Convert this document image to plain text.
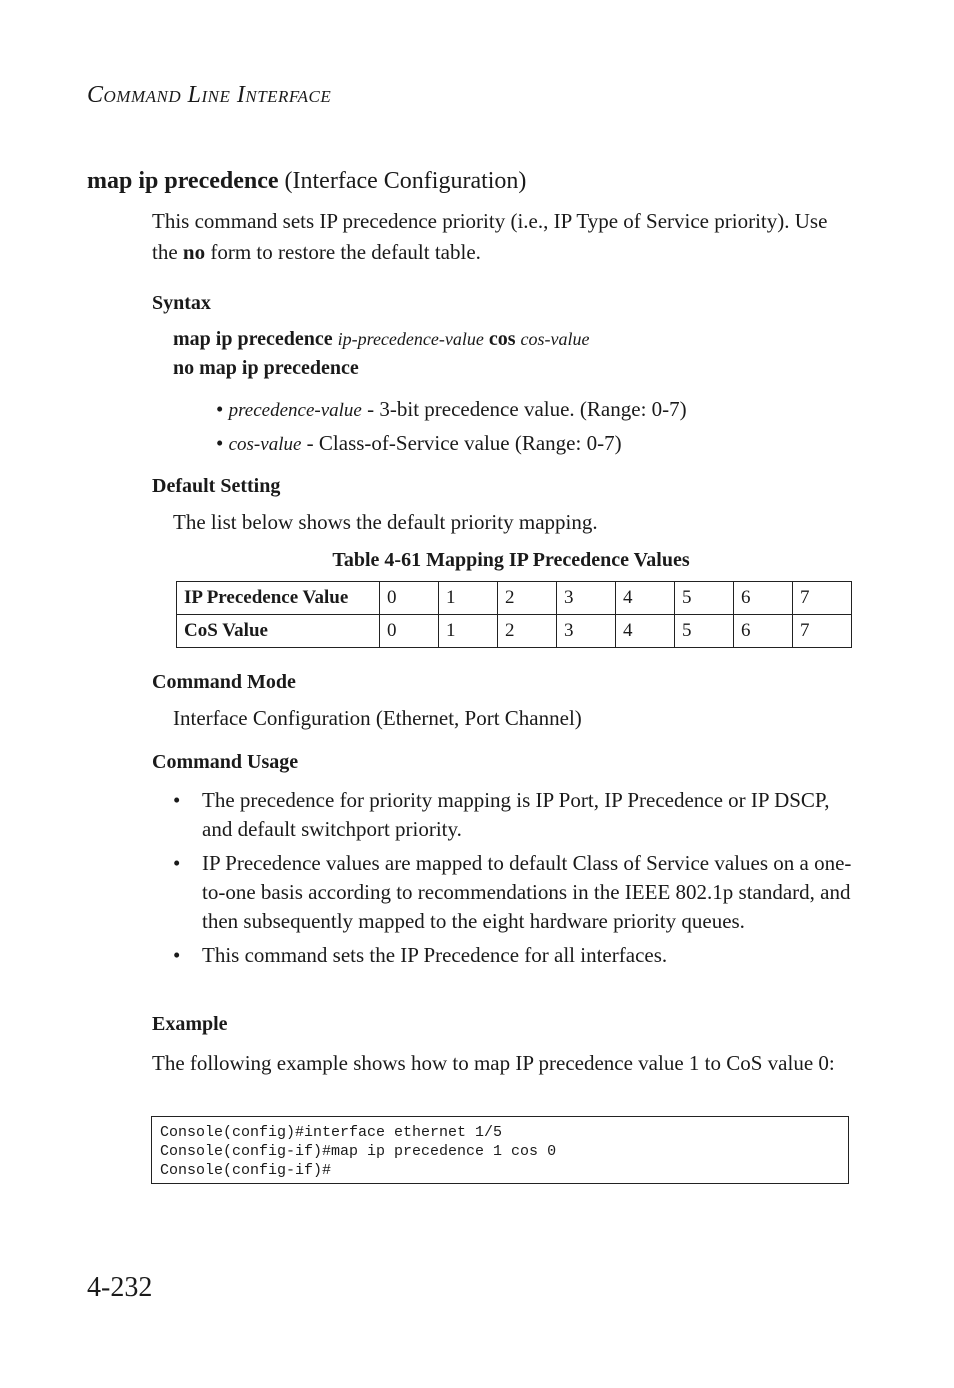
COMMAND LINE INTERFACE
map ip precedence (Interface Configuration)
This command sets IP precedence priority (i.e., IP Type of Service priority). Use the no form to restore the default table.
Syntax
map ip precedence ip-precedence-value cos cos-value
no map ip precedence
• precedence-value - 3-bit precedence value. (Range: 0-7)
• cos-value - Class-of-Service value (Range: 0-7)
Default Setting
The list below shows the default priority mapping.
Table 4-61 Mapping IP Precedence Values
IP Precedence Value	0	1	2	3	4	5	6	7
CoS Value	0	1	2	3	4	5	6	7
Command Mode
Interface Configuration (Ethernet, Port Channel)
Command Usage
• The precedence for priority mapping is IP Port, IP Precedence or IP DSCP, and default switchport priority.
• IP Precedence values are mapped to default Class of Service values on a one-to-one basis according to recommendations in the IEEE 802.1p standard, and then subsequently mapped to the eight hardware priority queues.
• This command sets the IP Precedence for all interfaces.
Example
The following example shows how to map IP precedence value 1 to CoS value 0:
Console(config)#interface ethernet 1/5
Console(config-if)#map ip precedence 1 cos 0
Console(config-if)#
4-232
